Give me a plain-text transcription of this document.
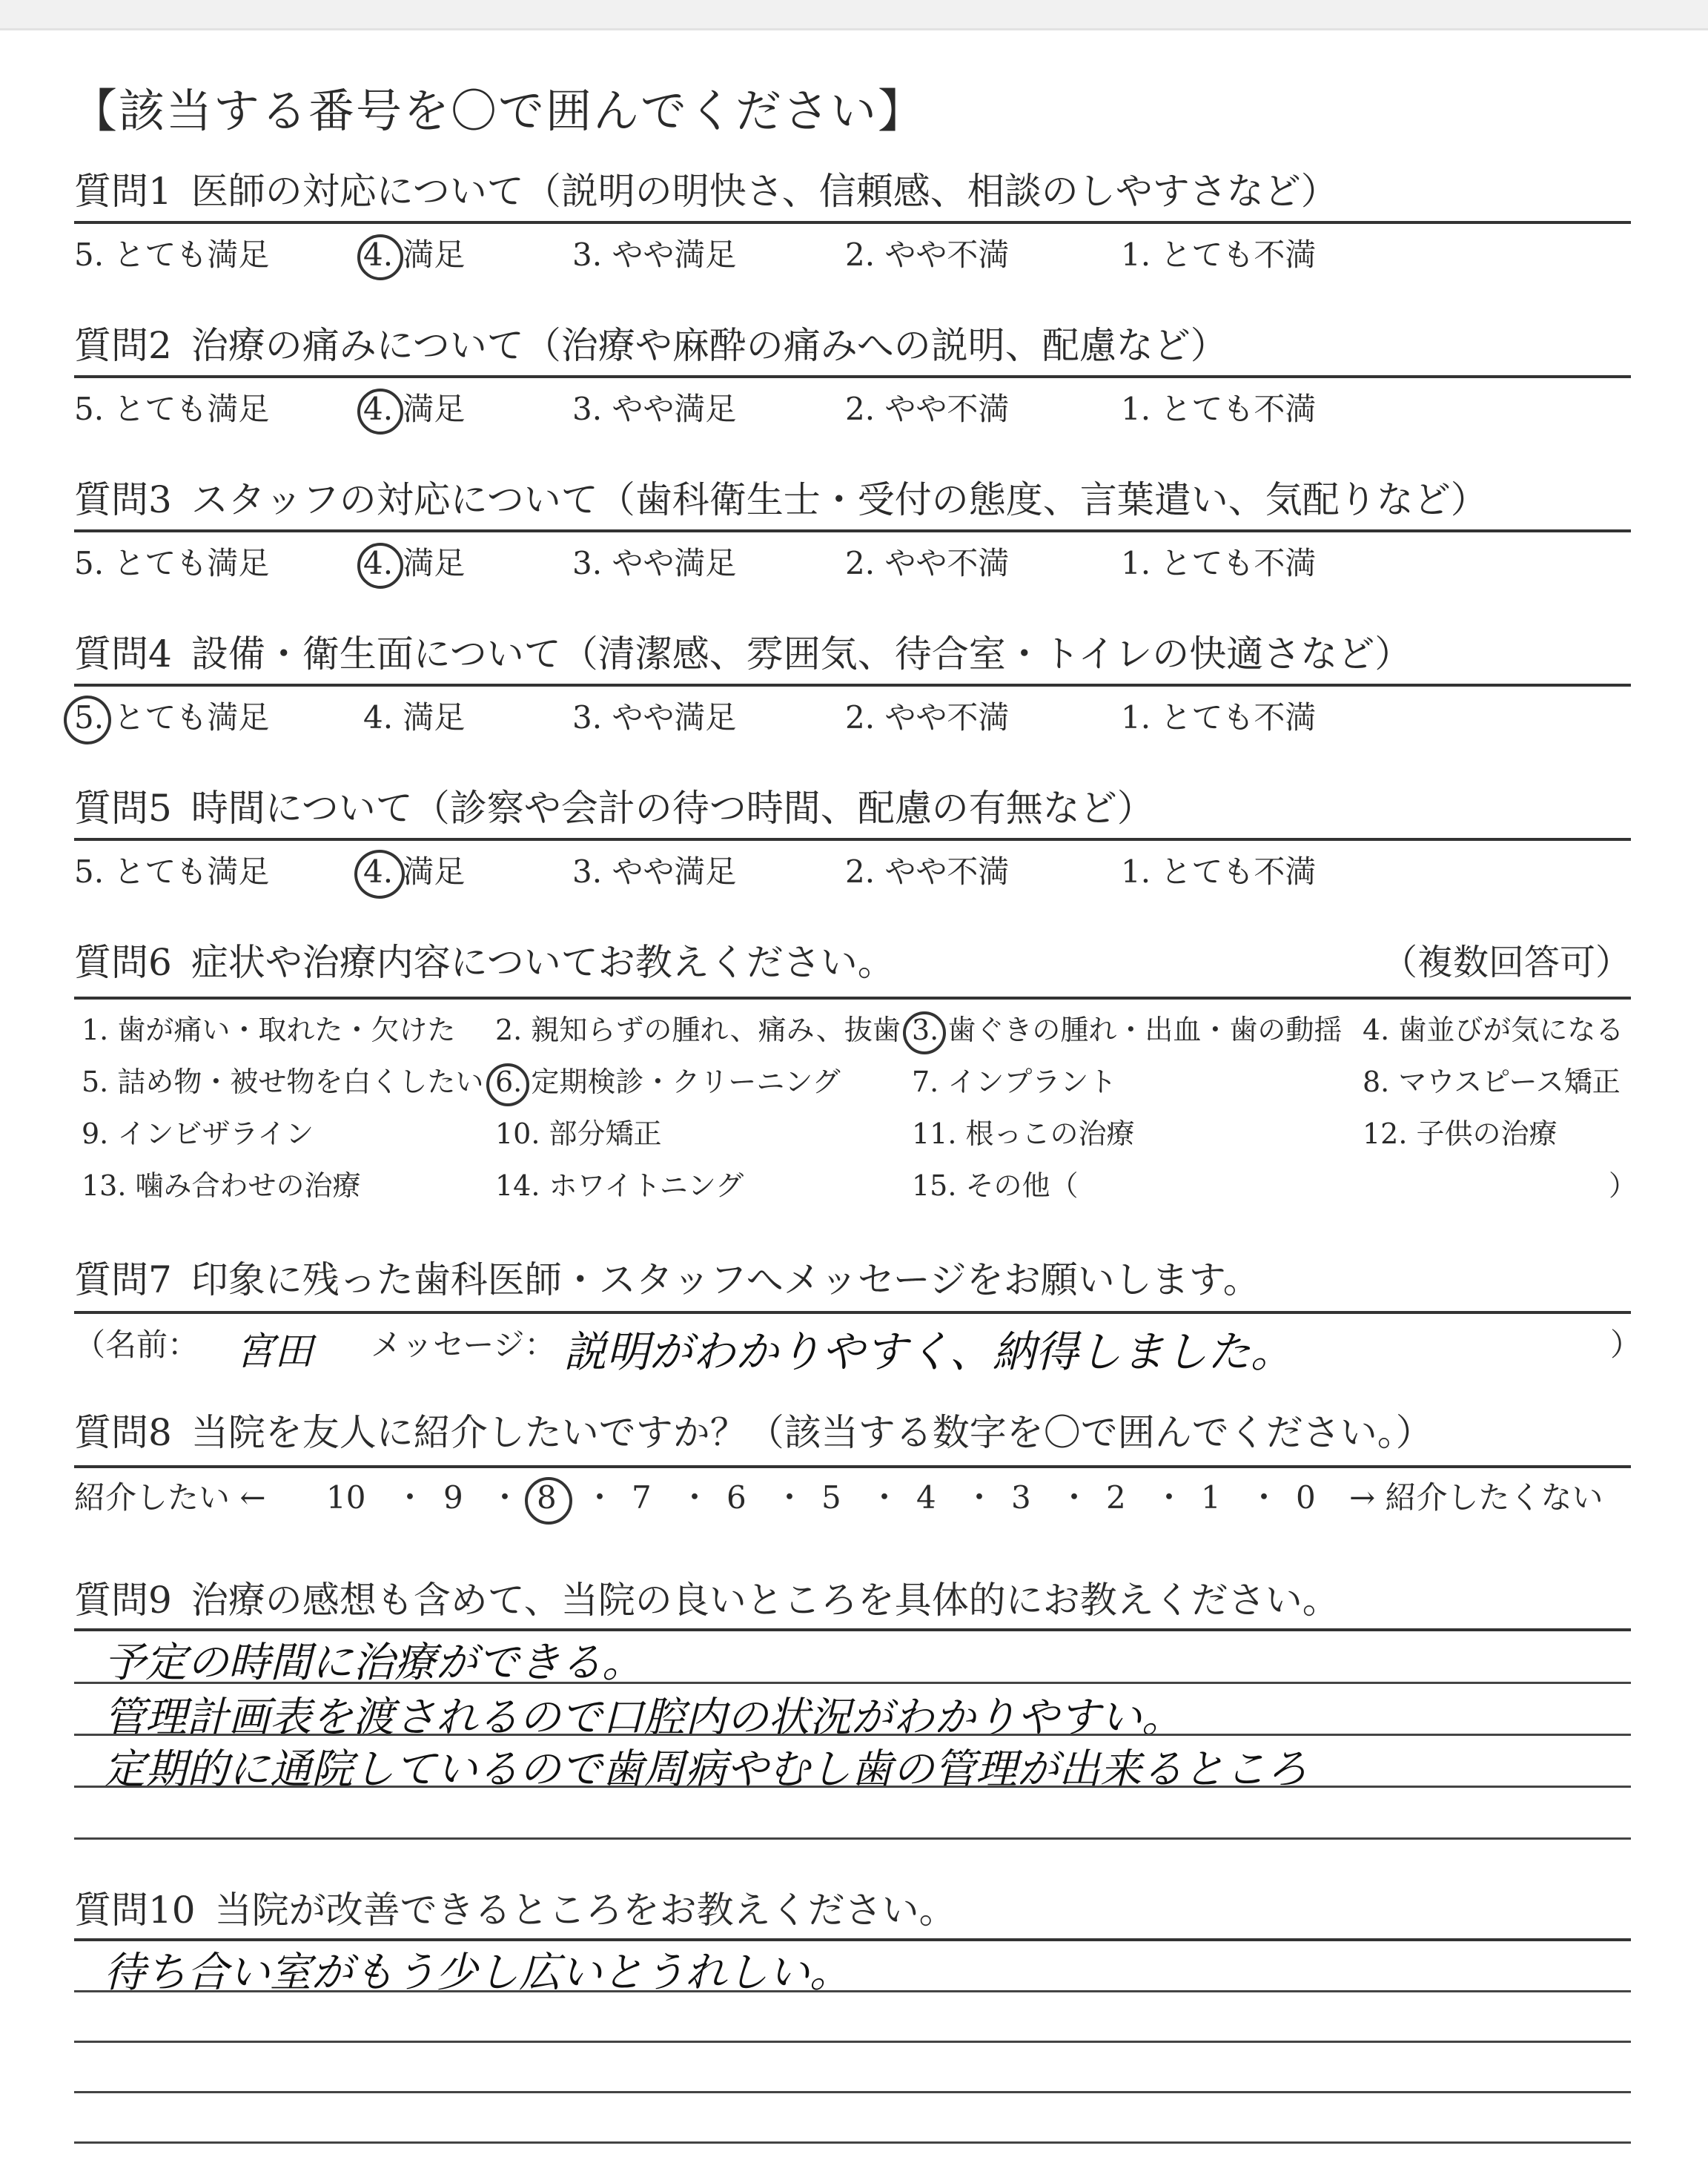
【該当する番号を〇で囲んでください】
質問1 医師の対応について（説明の明快さ、信頼感、相談のしやすさなど）
5. とても満足	4. 満足	3. やや満足	2. やや不満	1. とても不満
質問2 治療の痛みについて（治療や麻酔の痛みへの説明、配慮など）
5. とても満足	4. 満足	3. やや満足	2. やや不満	1. とても不満
質問3 スタッフの対応について（歯科衛生士・受付の態度、言葉遣い、気配りなど）
5. とても満足	4. 満足	3. やや満足	2. やや不満	1. とても不満
質問4 設備・衛生面について（清潔感、雰囲気、待合室・トイレの快適さなど）
5. とても満足	4. 満足	3. やや満足	2. やや不満	1. とても不満
質問5 時間について（診察や会計の待つ時間、配慮の有無など）
5. とても満足	4. 満足	3. やや満足	2. やや不満	1. とても不満
質問6 症状や治療内容についてお教えください。	（複数回答可）
1. 歯が痛い・取れた・欠けた 2. 親知らずの腫れ、痛み、抜歯 3. 歯ぐきの腫れ・出血・歯の動揺 4. 歯並びが気になる
5. 詰め物・被せ物を白くしたい 6. 定期検診・クリーニング	7. インプラント	8. マウスピース矯正
9. インビザライン	10. 部分矯正	11. 根っこの治療	12. 子供の治療
13. 噛み合わせの治療	14. ホワイトニング	15. その他（	）
質問7 印象に残った歯科医師・スタッフへメッセージをお願いします。
（名前： 宮田 メッセージ： 説明がわかりやすく、納得しました。	）
質問8 当院を友人に紹介したいですか？（該当する数字を〇で囲んでください。）
紹介したい ← 10 ・ 9 ・ 8 ・ 7 ・ 6 ・ 5 ・ 4 ・ 3 ・ 2 ・ 1 ・ 0 → 紹介したくない
質問9 治療の感想も含めて、当院の良いところを具体的にお教えください。
予定の時間に治療ができる。
管理計画表を渡されるので口腔内の状況がわかりやすい。
定期的に通院しているので歯周病やむし歯の管理が出来るところ
質問10 当院が改善できるところをお教えください。
待ち合い室がもう少し広いとうれしい。
